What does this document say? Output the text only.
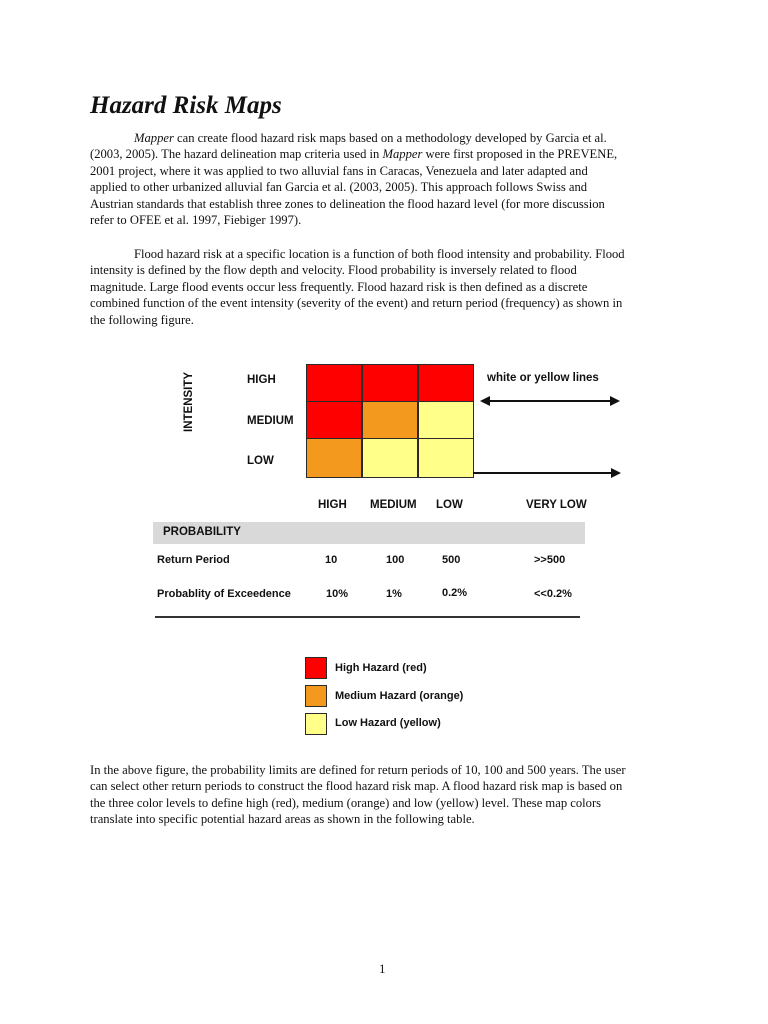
Hazard Risk Maps
Mapper can create flood hazard risk maps based on a methodology developed by Garcia et al.
(2003, 2005). The hazard delineation map criteria used in Mapper were first proposed in the PREVENE,
2001 project, where it was applied to two alluvial fans in Caracas, Venezuela and later adapted and
applied to other urbanized alluvial fan Garcia et al. (2003, 2005). This approach follows Swiss and
Austrian standards that establish three zones to delineation the flood hazard level (for more discussion
refer to OFEE et al. 1997, Fiebiger 1997).
Flood hazard risk at a specific location is a function of both flood intensity and probability. Flood
intensity is defined by the flow depth and velocity. Flood probability is inversely related to flood
magnitude. Large flood events occur less frequently. Flood hazard risk is then defined as a discrete
combined function of the event intensity (severity of the event) and return period (frequency) as shown in
the following figure.
INTENSITY	HIGH
MEDIUM
LOW
white or yellow lines
HIGH MEDIUM LOW	VERY LOW
PROBABILITY
Return Period	10	100	500	>>500
Probablity of Exceedence	10%	1%	0.2%	<<0.2%
High Hazard (red)
Medium Hazard (orange)
Low Hazard (yellow)
In the above figure, the probability limits are defined for return periods of 10, 100 and 500 years. The user
can select other return periods to construct the flood hazard risk map. A flood hazard risk map is based on
the three color levels to define high (red), medium (orange) and low (yellow) level. These map colors
translate into specific potential hazard areas as shown in the following table.
1
